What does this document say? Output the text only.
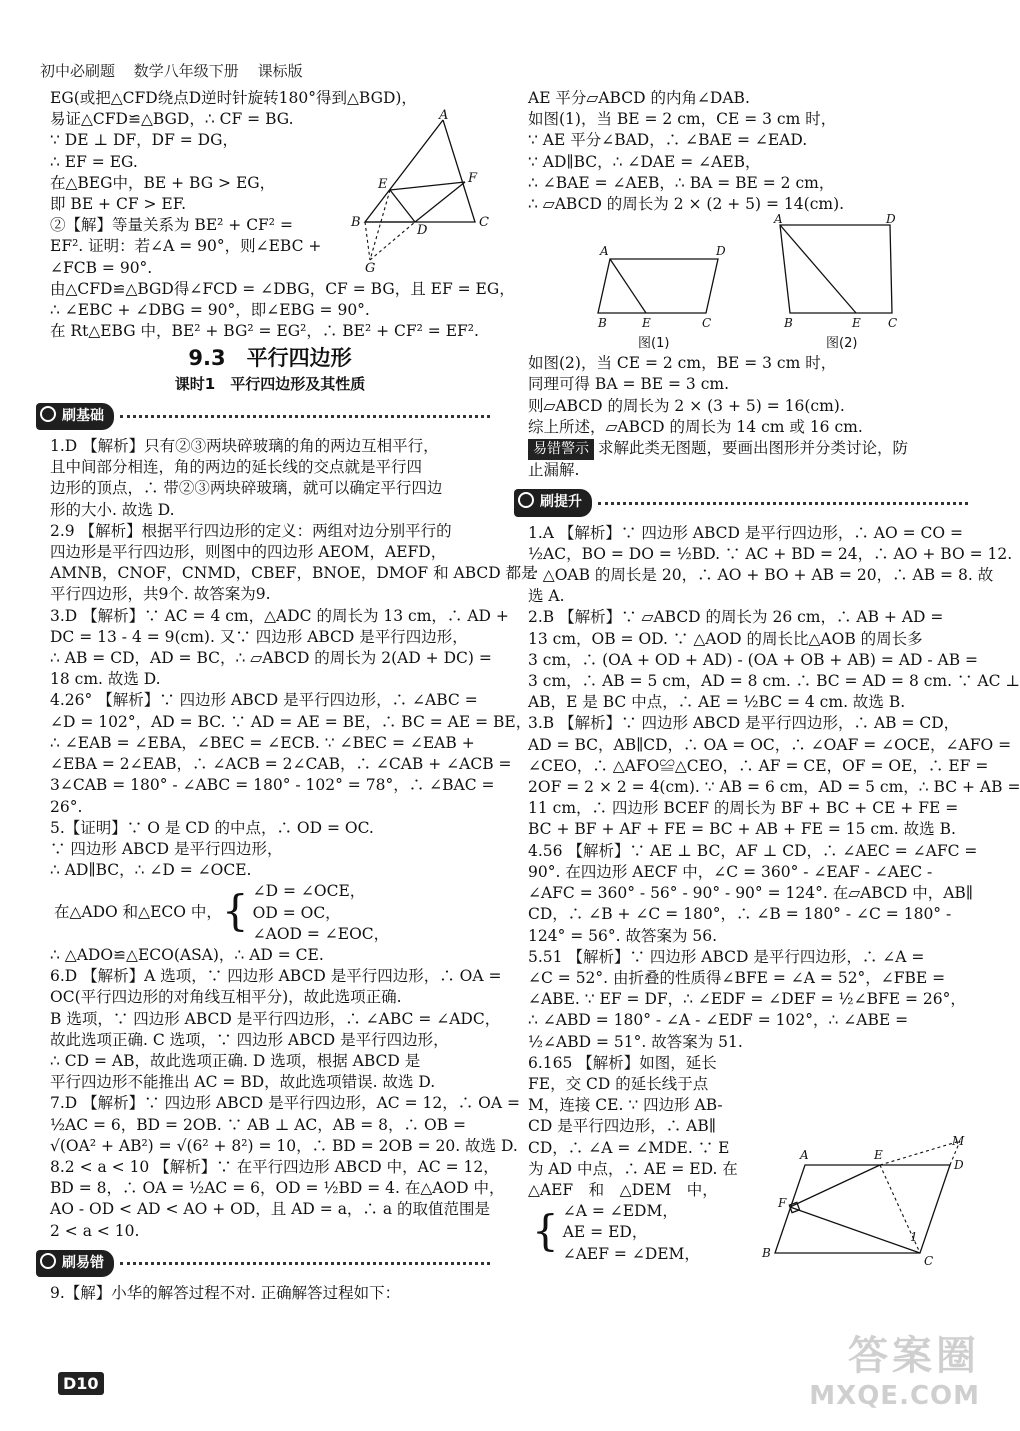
初中必刷题 数学八年级下册 课标版
EG(或把△CFD绕点D逆时针旋转180°得到△BGD)，
易证△CFD≌△BGD，∴ CF = BG.
∵ DE ⊥ DF，DF = DG，
∴ EF = EG.
在△BEG中，BE + BG > EG，
即 BE + CF > EF.
②【解】等量关系为 BE² + CF² =
EF². 证明：若∠A = 90°，则∠EBC +
∠FCB = 90°.
由△CFD≌△BGD得∠FCD = ∠DBG，CF = BG，且 EF = EG，
∴ ∠EBC + ∠DBG = 90°，即∠EBG = 90°.
在 Rt△EBG 中，BE² + BG² = EG²，∴ BE² + CF² = EF².
9.3　平行四边形
课时1　平行四边形及其性质
刷基础
1.D 【解析】只有②③两块碎玻璃的角的两边互相平行，
且中间部分相连，角的两边的延长线的交点就是平行四
边形的顶点，∴ 带②③两块碎玻璃，就可以确定平行四边
形的大小. 故选 D.
2.9 【解析】根据平行四边形的定义：两组对边分别平行的
四边形是平行四边形，则图中的四边形 AEOM，AEFD，
AMNB，CNOF，CNMD，CBEF，BNOE，DMOF 和 ABCD 都是
平行四边形，共9个. 故答案为9.
3.D 【解析】∵ AC = 4 cm，△ADC 的周长为 13 cm，∴ AD +
DC = 13 - 4 = 9(cm). 又∵ 四边形 ABCD 是平行四边形，
∴ AB = CD，AD = BC，∴ ▱ABCD 的周长为 2(AD + DC) =
18 cm. 故选 D.
4.26° 【解析】∵ 四边形 ABCD 是平行四边形，∴ ∠ABC =
∠D = 102°，AD = BC. ∵ AD = AE = BE，∴ BC = AE = BE，
∴ ∠EAB = ∠EBA，∠BEC = ∠ECB. ∵ ∠BEC = ∠EAB +
∠EBA = 2∠EAB，∴ ∠ACB = 2∠CAB，∴ ∠CAB + ∠ACB =
3∠CAB = 180° - ∠ABC = 180° - 102° = 78°，∴ ∠BAC =
26°.
5.【证明】∵ O 是 CD 的中点，∴ OD = OC.
∵ 四边形 ABCD 是平行四边形，
∴ AD∥BC，∴ ∠D = ∠OCE.
在△ADO 和△ECO 中， { ∠D = ∠OCE，
OD = OC，
∠AOD = ∠EOC，
∴ △ADO≌△ECO(ASA)，∴ AD = CE.
6.D 【解析】A 选项，∵ 四边形 ABCD 是平行四边形，∴ OA =
OC(平行四边形的对角线互相平分)，故此选项正确.
B 选项，∵ 四边形 ABCD 是平行四边形，∴ ∠ABC = ∠ADC，
故此选项正确. C 选项，∵ 四边形 ABCD 是平行四边形，
∴ CD = AB，故此选项正确. D 选项，根据 ABCD 是
平行四边形不能推出 AC = BD，故此选项错误. 故选 D.
7.D 【解析】∵ 四边形 ABCD 是平行四边形，AC = 12，∴ OA =
½AC = 6，BD = 2OB. ∵ AB ⊥ AC，AB = 8，∴ OB =
√(OA² + AB²) = √(6² + 8²) = 10，∴ BD = 2OB = 20. 故选 D.
8.2 < a < 10 【解析】∵ 在平行四边形 ABCD 中，AC = 12，
BD = 8，∴ OA = ½AC = 6，OD = ½BD = 4. 在△AOD 中，
AO - OD < AD < AO + OD，且 AD = a，∴ a 的取值范围是
2 < a < 10.
刷易错
9.【解】小华的解答过程不对. 正确解答过程如下：
A
B	C
D
E	F
G
AE 平分▱ABCD 的内角∠DAB.
如图(1)，当 BE = 2 cm，CE = 3 cm 时，
∵ AE 平分∠BAD，∴ ∠BAE = ∠EAD.
∵ AD∥BC，∴ ∠DAE = ∠AEB，
∴ ∠BAE = ∠AEB，∴ BA = BE = 2 cm，
∴ ▱ABCD 的周长为 2 × (2 + 5) = 14(cm).
A	D
B	E	C
图(1)
A	D
B	E C
图(2)
如图(2)，当 CE = 2 cm，BE = 3 cm 时，
同理可得 BA = BE = 3 cm.
则▱ABCD 的周长为 2 × (3 + 5) = 16(cm).
综上所述，▱ABCD 的周长为 14 cm 或 16 cm.
易错警示 求解此类无图题，要画出图形并分类讨论，防
止漏解.
刷提升
1.A 【解析】∵ 四边形 ABCD 是平行四边形，∴ AO = CO =
½AC，BO = DO = ½BD. ∵ AC + BD = 24，∴ AO + BO = 12.
∵ △OAB 的周长是 20，∴ AO + BO + AB = 20，∴ AB = 8. 故
选 A.
2.B 【解析】∵ ▱ABCD 的周长为 26 cm，∴ AB + AD =
13 cm，OB = OD. ∵ △AOD 的周长比△AOB 的周长多
3 cm，∴ (OA + OD + AD) - (OA + OB + AB) = AD - AB =
3 cm，∴ AB = 5 cm，AD = 8 cm. ∴ BC = AD = 8 cm. ∵ AC ⊥
AB，E 是 BC 中点，∴ AE = ½BC = 4 cm. 故选 B.
3.B 【解析】∵ 四边形 ABCD 是平行四边形，∴ AB = CD，
AD = BC，AB∥CD，∴ OA = OC，∴ ∠OAF = ∠OCE，∠AFO =
∠CEO，∴ △AFO≌△CEO，∴ AF = CE，OF = OE，∴ EF =
2OF = 2 × 2 = 4(cm). ∵ AB = 6 cm，AD = 5 cm，∴ BC + AB =
11 cm，∴ 四边形 BCEF 的周长为 BF + BC + CE + FE =
BC + BF + AF + FE = BC + AB + FE = 15 cm. 故选 B.
4.56 【解析】∵ AE ⊥ BC，AF ⊥ CD，∴ ∠AEC = ∠AFC =
90°. 在四边形 AECF 中，∠C = 360° - ∠EAF - ∠AEC -
∠AFC = 360° - 56° - 90° - 90° = 124°. 在▱ABCD 中，AB∥
CD，∴ ∠B + ∠C = 180°，∴ ∠B = 180° - ∠C = 180° -
124° = 56°. 故答案为 56.
5.51 【解析】∵ 四边形 ABCD 是平行四边形，∴ ∠A =
∠C = 52°. 由折叠的性质得∠BFE = ∠A = 52°，∠FBE =
∠ABE. ∵ EF = DF，∴ ∠EDF = ∠DEF = ½∠BFE = 26°，
∴ ∠ABD = 180° - ∠A - ∠EDF = 102°，∴ ∠ABE =
½∠ABD = 51°. 故答案为 51.
6.165 【解析】如图，延长
FE，交 CD 的延长线于点
M，连接 CE. ∵ 四边形 AB-
CD 是平行四边形，∴ AB∥
CD，∴ ∠A = ∠MDE. ∵ E
为 AD 中点，∴ AE = ED. 在
△AEF　和　△DEM　中，
{ ∠A = ∠EDM，
AE = ED，
∠AEF = ∠DEM，
A	E
M
D
F
B
C
1
D10
答案圈
MXQE.COM
